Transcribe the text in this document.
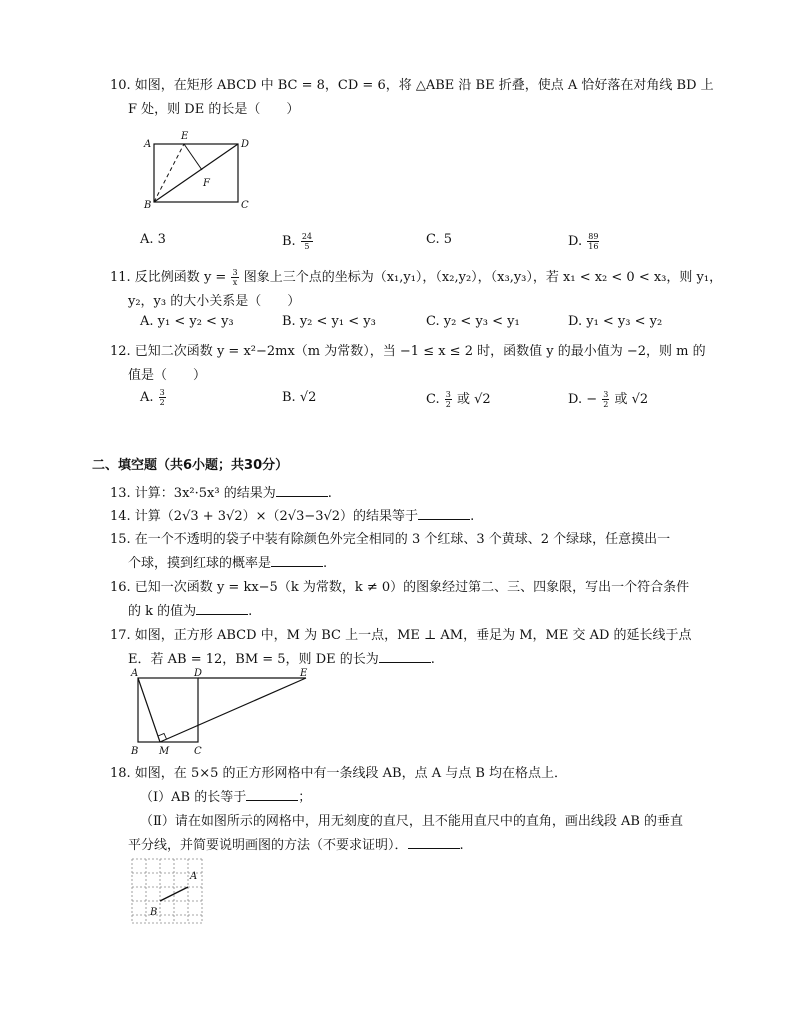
10. 如图，在矩形 ABCD 中 BC = 8，CD = 6，将 △ABE 沿 BE 折叠，使点 A 恰好落在对角线 BD 上
F 处，则 DE 的长是（　　）
A
E
D
F
B	C
A. 3	B. $\frac{24}{5}$	C. 5	D. $\frac{89}{16}$
11. 反比例函数 $y = \frac{3}{x}$ 图象上三个点的坐标为（x₁,y₁），（x₂,y₂），（x₃,y₃），若 x₁ < x₂ < 0 < x₃，则 y₁，
y₂，y₃ 的大小关系是（　　）
A. y₁ < y₂ < y₃	B. y₂ < y₁ < y₃	C. y₂ < y₃ < y₁	D. y₁ < y₃ < y₂
12. 已知二次函数 y = x²−2mx（m 为常数），当 −1 ≤ x ≤ 2 时，函数值 y 的最小值为 −2，则 m 的
值是（　　）
A. $\frac{3}{2}$	B. √2	C. $\frac{3}{2}$ 或 √2	D. − $\frac{3}{2}$ 或 √2
二、填空题（共6小题；共30分）
13. 计算：3x²·5x³ 的结果为	.
14. 计算（2√3 + 3√2）×（2√3−3√2）的结果等于	.
15. 在一个不透明的袋子中装有除颜色外完全相同的 3 个红球、3 个黄球、2 个绿球，任意摸出一
个球，摸到红球的概率是	.
16. 已知一次函数 y = kx−5（k 为常数，k ≠ 0）的图象经过第二、三、四象限，写出一个符合条件
的 k 的值为	.
17. 如图，正方形 ABCD 中，M 为 BC 上一点，ME ⊥ AM，垂足为 M，ME 交 AD 的延长线于点
E．若 AB = 12，BM = 5，则 DE 的长为	.
A	D	E
B M C
18. 如图，在 5×5 的正方形网格中有一条线段 AB，点 A 与点 B 均在格点上．
（Ⅰ）AB 的长等于	；
（Ⅱ）请在如图所示的网格中，用无刻度的直尺，且不能用直尺中的直角，画出线段 AB 的垂直
平分线，并简要说明画图的方法（不要求证明）．	.
A
B
